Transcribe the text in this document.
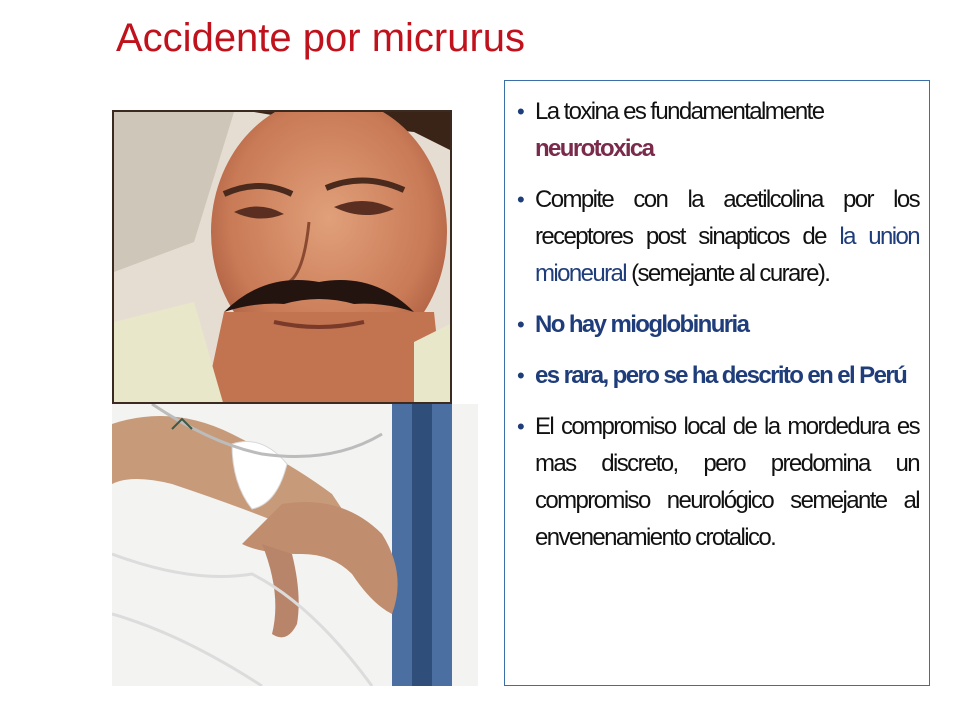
Accidente por micrurus
• La toxina es fundamentalmente
neurotoxica
• Compite con la acetilcolina por los receptores post sinapticos de la union mioneural (semejante al curare).
• No hay mioglobinuria
• es rara, pero se ha descrito en el Perú
• El compromiso local de la mordedura es mas discreto, pero predomina un compromiso neurológico semejante al envenenamiento crotalico.
